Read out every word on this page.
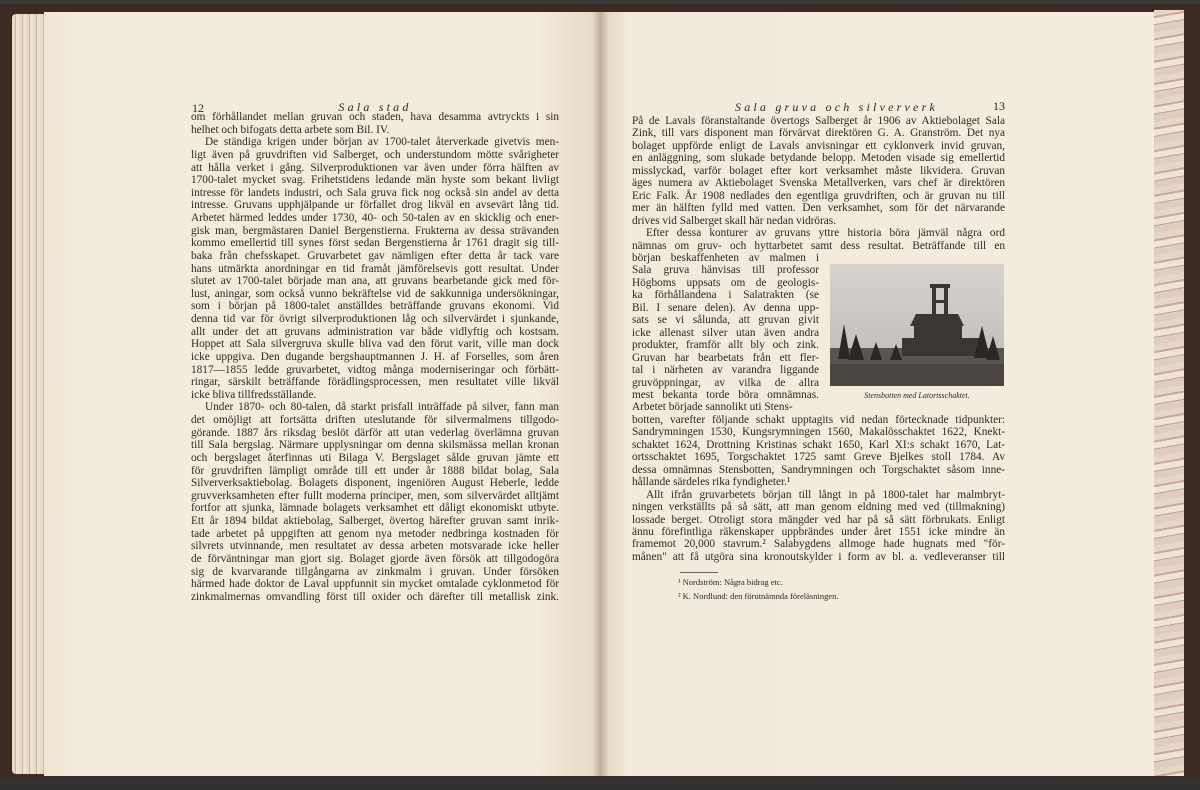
12	Sala stad
om förhållandet mellan gruvan och staden, hava desamma avtryckts i sin
helhet och bifogats detta arbete som Bil. IV.
De ständiga krigen under början av 1700-talet återverkade givetvis men-
ligt även på gruvdriften vid Salberget, och understundom mötte svårigheter
att hålla verket i gång. Silverproduktionen var även under förra hälften av
1700-talet mycket svag. Frihetstidens ledande män hyste som bekant livligt
intresse för landets industri, och Sala gruva fick nog också sin andel av detta
intresse. Gruvans upphjälpande ur förfallet drog likväl en avsevärt lång tid.
Arbetet härmed leddes under 1730, 40- och 50-talen av en skicklig och ener-
gisk man, bergmästaren Daniel Bergenstierna. Frukterna av dessa strävanden
kommo emellertid till synes först sedan Bergenstierna år 1761 dragit sig till-
baka från chefsskapet. Gruvarbetet gav nämligen efter detta år tack vare
hans utmärkta anordningar en tid framåt jämförelsevis gott resultat. Under
slutet av 1700-talet började man ana, att gruvans bearbetande gick med för-
lust, aningar, som också vunno bekräftelse vid de sakkunniga undersökningar,
som i början på 1800-talet anställdes beträffande gruvans ekonomi. Vid
denna tid var för övrigt silverproduktionen låg och silvervärdet i sjunkande,
allt under det att gruvans administration var både vidlyftig och kostsam.
Hoppet att Sala silvergruva skulle bliva vad den förut varit, ville man dock
icke uppgiva. Den dugande bergshauptmannen J. H. af Forselles, som åren
1817—1855 ledde gruvarbetet, vidtog många moderniseringar och förbätt-
ringar, särskilt beträffande förädlingsprocessen, men resultatet ville likväl
icke bliva tillfredsställande.
Under 1870- och 80-talen, då starkt prisfall inträffade på silver, fann man
det omöjligt att fortsätta driften uteslutande för silvermalmens tillgodo-
görande. 1887 års riksdag beslöt därför att utan vederlag överlämna gruvan
till Sala bergslag. Närmare upplysningar om denna skilsmässa mellan kronan
och bergslaget återfinnas uti Bilaga V. Bergslaget sålde gruvan jämte ett
för gruvdriften lämpligt område till ett under år 1888 bildat bolag, Sala
Silververksaktiebolag. Bolagets disponent, ingeniören August Heberle, ledde
gruvverksamheten efter fullt moderna principer, men, som silvervärdet alltjämt
fortfor att sjunka, lämnade bolagets verksamhet ett dåligt ekonomiskt utbyte.
Ett år 1894 bildat aktiebolag, Salberget, övertog härefter gruvan samt inrik-
tade arbetet på uppgiften att genom nya metoder nedbringa kostnaden för
silvrets utvinnande, men resultatet av dessa arbeten motsvarade icke heller
de förväntningar man gjort sig. Bolaget gjorde även försök att tillgodogöra
sig de kvarvarande tillgångarna av zinkmalm i gruvan. Under försöken
härmed hade doktor de Laval uppfunnit sin mycket omtalade cyklonmetod för
zinkmalmernas omvandling först till oxider och därefter till metallisk zink.
Sala gruva och silververk	13
På de Lavals föranstaltande övertogs Salberget år 1906 av Aktiebolaget Sala
Zink, till vars disponent man förvärvat direktören G. A. Granström. Det nya
bolaget uppförde enligt de Lavals anvisningar ett cyklonverk invid gruvan,
en anläggning, som slukade betydande belopp. Metoden visade sig emellertid
misslyckad, varför bolaget efter kort verksamhet måste likvidera. Gruvan
äges numera av Aktiebolaget Svenska Metallverken, vars chef är direktören
Eric Falk. År 1908 nedlades den egentliga gruvdriften, och är gruvan nu till
mer än hälften fylld med vatten. Den verksamhet, som för det närvarande
drives vid Salberget skall här nedan vidröras.
Efter dessa konturer av gruvans yttre historia böra jämväl några ord
nämnas om gruv- och hyttarbetet samt dess resultat. Beträffande till en
början beskaffenheten av malmen i
Sala gruva hänvisas till professor
Högboms uppsats om de geologis-
ka förhållandena i Salatrakten (se
Bil. I senare delen). Av denna upp-
sats se vi sålunda, att gruvan givit
icke allenast silver utan även andra
produkter, framför allt bly och zink.
Gruvan har bearbetats från ett fler-
tal i närheten av varandra liggande
gruvöppningar, av vilka de allra
mest bekanta torde böra omnämnas.
Arbetet började sannolikt uti Stens-
botten, varefter följande schakt upptagits vid nedan förtecknade tidpunkter:
Sandrymningen 1530, Kungsrymningen 1560, Makalösschaktet 1622, Knekt-
schaktet 1624, Drottning Kristinas schakt 1650, Karl XI:s schakt 1670, Lat-
ortsschaktet 1695, Torgschaktet 1725 samt Greve Bjelkes stoll 1784. Av
dessa omnämnas Stensbotten, Sandrymningen och Torgschaktet såsom inne-
hållande särdeles rika fyndigheter.¹
Allt ifrån gruvarbetets början till långt in på 1800-talet har malmbryt-
ningen verkställts på så sätt, att man genom eldning med ved (tillmakning)
lossade berget. Otroligt stora mängder ved har på så sätt förbrukats. Enligt
ännu förefintliga räkenskaper uppbrändes under året 1551 icke mindre än
framemot 20,000 stavrum.² Salabygdens allmoge hade hugnats med "för-
månen" att få utgöra sina kronoutskylder i form av bl. a. vedleveranser till
Stensbotten med Latortsschaktet.
¹ Nordström: Några bidrag etc.
² K. Nordlund: den förutnämnda föreläsningen.
